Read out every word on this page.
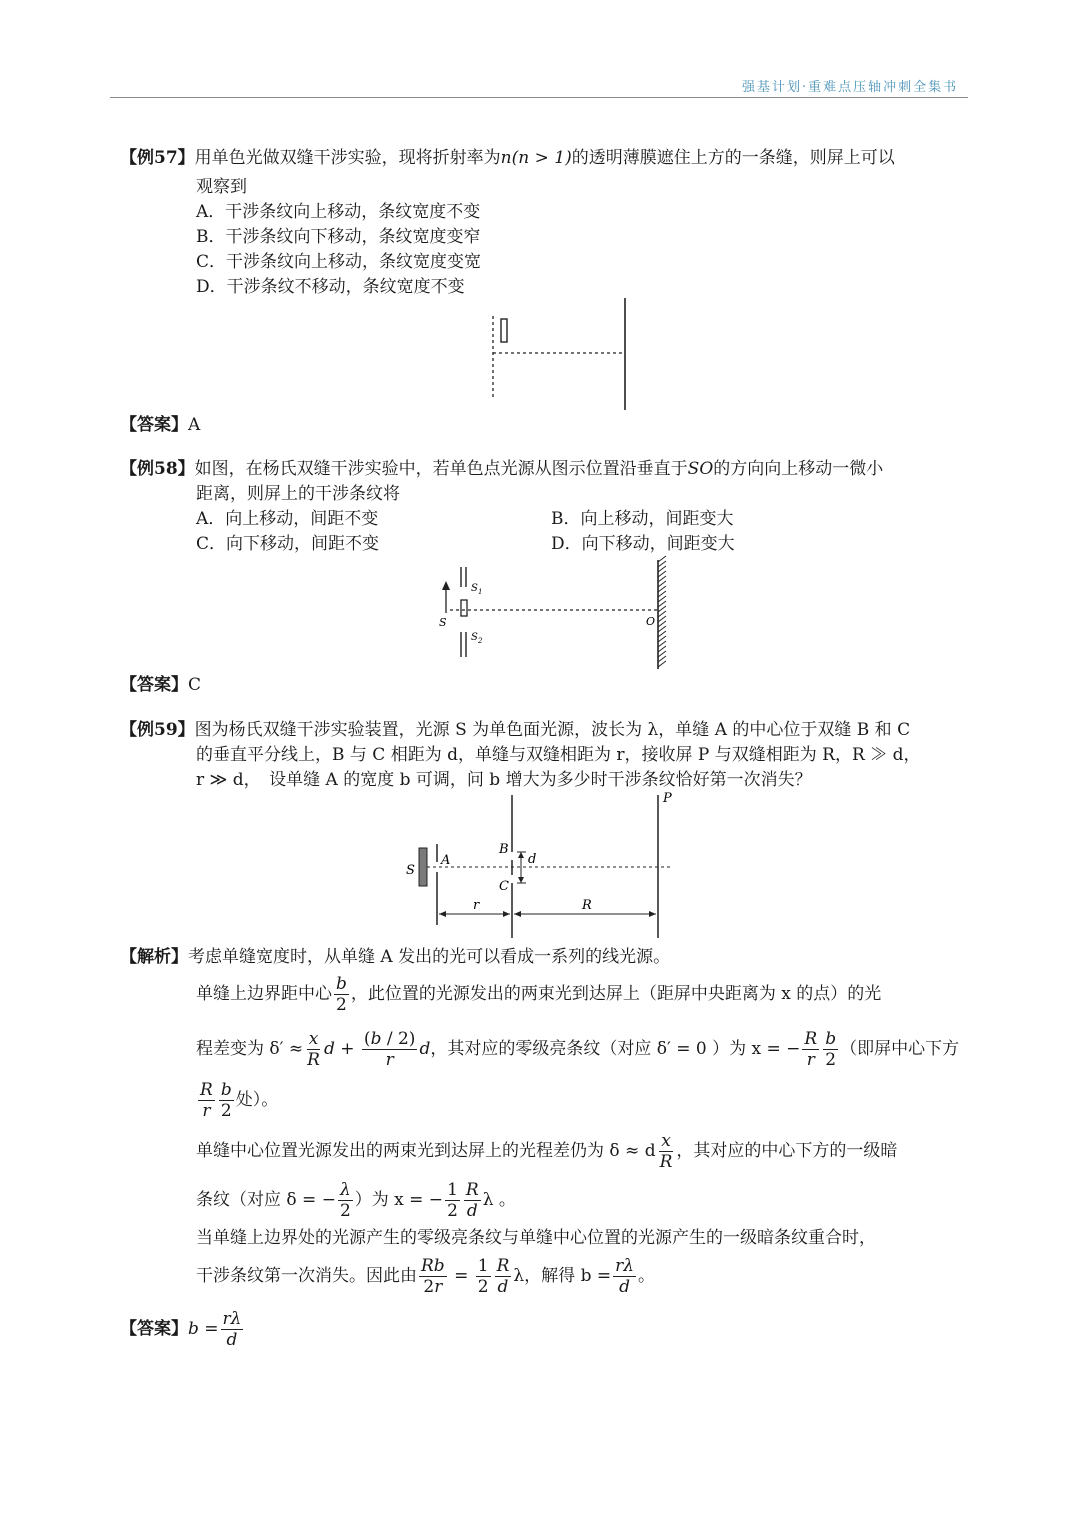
强基计划·重难点压轴冲刺全集书
【例57】用单色光做双缝干涉实验，现将折射率为n(n > 1)的透明薄膜遮住上方的一条缝，则屏上可以
观察到
A．干涉条纹向上移动，条纹宽度不变
B．干涉条纹向下移动，条纹宽度变窄
C．干涉条纹向上移动，条纹宽度变宽
D．干涉条纹不移动，条纹宽度不变
【答案】A
【例58】如图，在杨氏双缝干涉实验中，若单色点光源从图示位置沿垂直于SO的方向向上移动一微小
距离，则屏上的干涉条纹将
A．向上移动，间距不变	B．向上移动，间距变大
C．向下移动，间距不变	D．向下移动，间距变大
S
S 1
S 2
O
【答案】C
【例59】图为杨氏双缝干涉实验装置，光源 S 为单色面光源，波长为 λ，单缝 A 的中心位于双缝 B 和 C
的垂直平分线上，B 与 C 相距为 d，单缝与双缝相距为 r，接收屏 P 与双缝相距为 R，R ≫ d，
r ≫ d，　设单缝 A 的宽度 b 可调，问 b 增大为多少时干涉条纹恰好第一次消失？
S
A
B
C
d
P
r	R
【解析】考虑单缝宽度时，从单缝 A 发出的光可以看成一系列的线光源。
单缝上边界距中心 $\frac{b}{2}$ ，此位置的光源发出的两束光到达屏上（距屏中央距离为 x 的点）的光
程差变为 $\delta' \approx \frac{x}{R}$ $d + \frac{(b / 2)}{r}$ d，其对应的零级亮条纹（对应 δ′ = 0 ）为 x = − $\frac{R}{r} \frac{b}{2}$ （即屏中心下方
$\frac{R}{r} \frac{b}{2}$ 处）。
单缝中心位置光源发出的两束光到达屏上的光程差仍为 δ ≈ d $\frac{x}{R}$ ，其对应的中心下方的一级暗
条纹（对应 δ = − $\frac{\lambda}{2}$ ）为 x = − $\frac{1}{2} \frac{R}{d}$ λ 。
当单缝上边界处的光源产生的零级亮条纹与单缝中心位置的光源产生的一级暗条纹重合时，
干涉条纹第一次消失。因此由 $\frac{Rb}{2r} = \frac{1}{2} \frac{R}{d}$ λ，解得 $b = \frac{r\lambda}{d}$ 。
【答案】$b = \frac{r\lambda}{d}$
